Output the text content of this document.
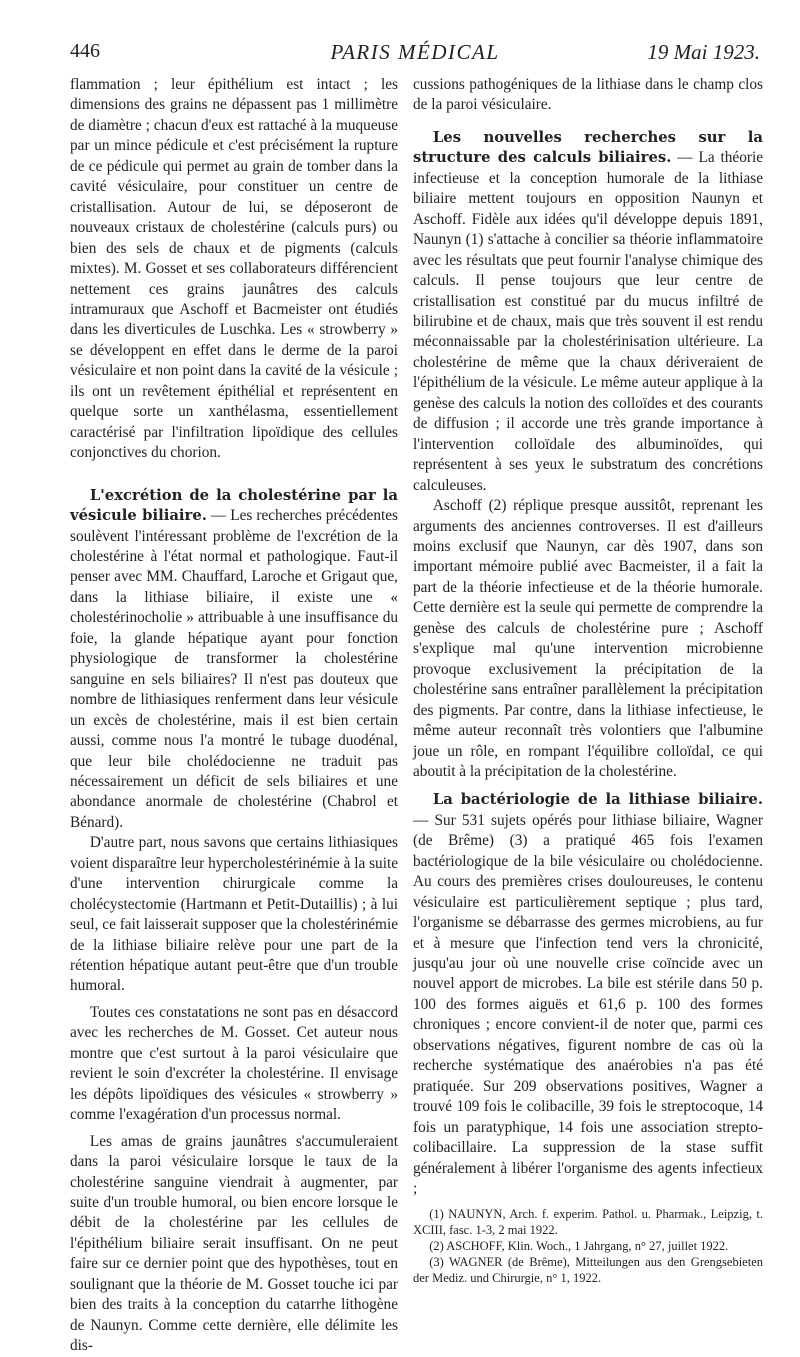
446	PARIS MÉDICAL	19 Mai 1923.

flammation ; leur épithélium est intact ; les dimensions des grains ne dépassent pas 1 millimètre de diamètre ; chacun d'eux est rattaché à la muqueuse par un mince pédicule et c'est précisément la rupture de ce pédicule qui permet au grain de tomber dans la cavité vésiculaire, pour constituer un centre de cristallisation. Autour de lui, se déposeront de nouveaux cristaux de cholestérine (calculs purs) ou bien des sels de chaux et de pigments (calculs mixtes). M. Gosset et ses collaborateurs différencient nettement ces grains jaunâtres des calculs intramuraux que Aschoff et Bacmeister ont étudiés dans les diverticules de Luschka. Les « strowberry » se développent en effet dans le derme de la paroi vésiculaire et non point dans la cavité de la vésicule ; ils ont un revêtement épithélial et représentent en quelque sorte un xanthélasma, essentiellement caractérisé par l'infiltration lipoïdique des cellules conjonctives du chorion.

L'excrétion de la cholestérine par la vésicule biliaire. — Les recherches précédentes soulèvent l'intéressant problème de l'excrétion de la cholestérine à l'état normal et pathologique. Faut-il penser avec MM. Chauffard, Laroche et Grigaut que, dans la lithiase biliaire, il existe une « cholestérinocholie » attribuable à une insuffisance du foie, la glande hépatique ayant pour fonction physiologique de transformer la cholestérine sanguine en sels biliaires? Il n'est pas douteux que nombre de lithiasiques renferment dans leur vésicule un excès de cholestérine, mais il est bien certain aussi, comme nous l'a montré le tubage duodénal, que leur bile cholédocienne ne traduit pas nécessairement un déficit de sels biliaires et une abondance anormale de cholestérine (Chabrol et Bénard).

D'autre part, nous savons que certains lithiasiques voient disparaître leur hypercholestérinémie à la suite d'une intervention chirurgicale comme la cholécystectomie (Hartmann et Petit-Dutaillis) ; à lui seul, ce fait laisserait supposer que la cholestérinémie de la lithiase biliaire relève pour une part de la rétention hépatique autant peut-être que d'un trouble humoral.

Toutes ces constatations ne sont pas en désaccord avec les recherches de M. Gosset. Cet auteur nous montre que c'est surtout à la paroi vésiculaire que revient le soin d'excréter la cholestérine. Il envisage les dépôts lipoïdiques des vésicules « strowberry » comme l'exagération d'un processus normal.

Les amas de grains jaunâtres s'accumuleraient dans la paroi vésiculaire lorsque le taux de la cholestérine sanguine viendrait à augmenter, par suite d'un trouble humoral, ou bien encore lorsque le débit de la cholestérine par les cellules de l'épithélium biliaire serait insuffisant. On ne peut faire sur ce dernier point que des hypothèses, tout en soulignant que la théorie de M. Gosset touche ici par bien des traits à la conception du catarrhe lithogène de Naunyn. Comme cette dernière, elle délimite les dis-

cussions pathogéniques de la lithiase dans le champ clos de la paroi vésiculaire.

Les nouvelles recherches sur la structure des calculs biliaires. — La théorie infectieuse et la conception humorale de la lithiase biliaire mettent toujours en opposition Naunyn et Aschoff. Fidèle aux idées qu'il développe depuis 1891, Naunyn (1) s'attache à concilier sa théorie inflammatoire avec les résultats que peut fournir l'analyse chimique des calculs. Il pense toujours que leur centre de cristallisation est constitué par du mucus infiltré de bilirubine et de chaux, mais que très souvent il est rendu méconnaissable par la cholestérinisation ultérieure. La cholestérine de même que la chaux dériveraient de l'épithélium de la vésicule. Le même auteur applique à la genèse des calculs la notion des colloïdes et des courants de diffusion ; il accorde une très grande importance à l'intervention colloïdale des albuminoïdes, qui représentent à ses yeux le substratum des concrétions calculeuses.

Aschoff (2) réplique presque aussitôt, reprenant les arguments des anciennes controverses. Il est d'ailleurs moins exclusif que Naunyn, car dès 1907, dans son important mémoire publié avec Bacmeister, il a fait la part de la théorie infectieuse et de la théorie humorale. Cette dernière est la seule qui permette de comprendre la genèse des calculs de cholestérine pure ; Aschoff s'explique mal qu'une intervention microbienne provoque exclusivement la précipitation de la cholestérine sans entraîner parallèlement la précipitation des pigments. Par contre, dans la lithiase infectieuse, le même auteur reconnaît très volontiers que l'albumine joue un rôle, en rompant l'équilibre colloïdal, ce qui aboutit à la précipitation de la cholestérine.

La bactériologie de la lithiase biliaire. — Sur 531 sujets opérés pour lithiase biliaire, Wagner (de Brême) (3) a pratiqué 465 fois l'examen bactériologique de la bile vésiculaire ou cholédocienne. Au cours des premières crises douloureuses, le contenu vésiculaire est particulièrement septique ; plus tard, l'organisme se débarrasse des germes microbiens, au fur et à mesure que l'infection tend vers la chronicité, jusqu'au jour où une nouvelle crise coïncide avec un nouvel apport de microbes. La bile est stérile dans 50 p. 100 des formes aiguës et 61,6 p. 100 des formes chroniques ; encore convient-il de noter que, parmi ces observations négatives, figurent nombre de cas où la recherche systématique des anaérobies n'a pas été pratiquée. Sur 209 observations positives, Wagner a trouvé 109 fois le colibacille, 39 fois le streptocoque, 14 fois un paratyphique, 14 fois une association strepto-colibacillaire. La suppression de la stase suffit généralement à libérer l'organisme des agents infectieux ;

(1) NAUNYN, Arch. f. experim. Pathol. u. Pharmak., Leipzig, t. XCIII, fasc. 1-3, 2 mai 1922.

(2) ASCHOFF, Klin. Woch., 1 Jahrgang, n° 27, juillet 1922.

(3) WAGNER (de Brême), Mitteilungen aus den Grengsebieten der Mediz. und Chirurgie, n° 1, 1922.
